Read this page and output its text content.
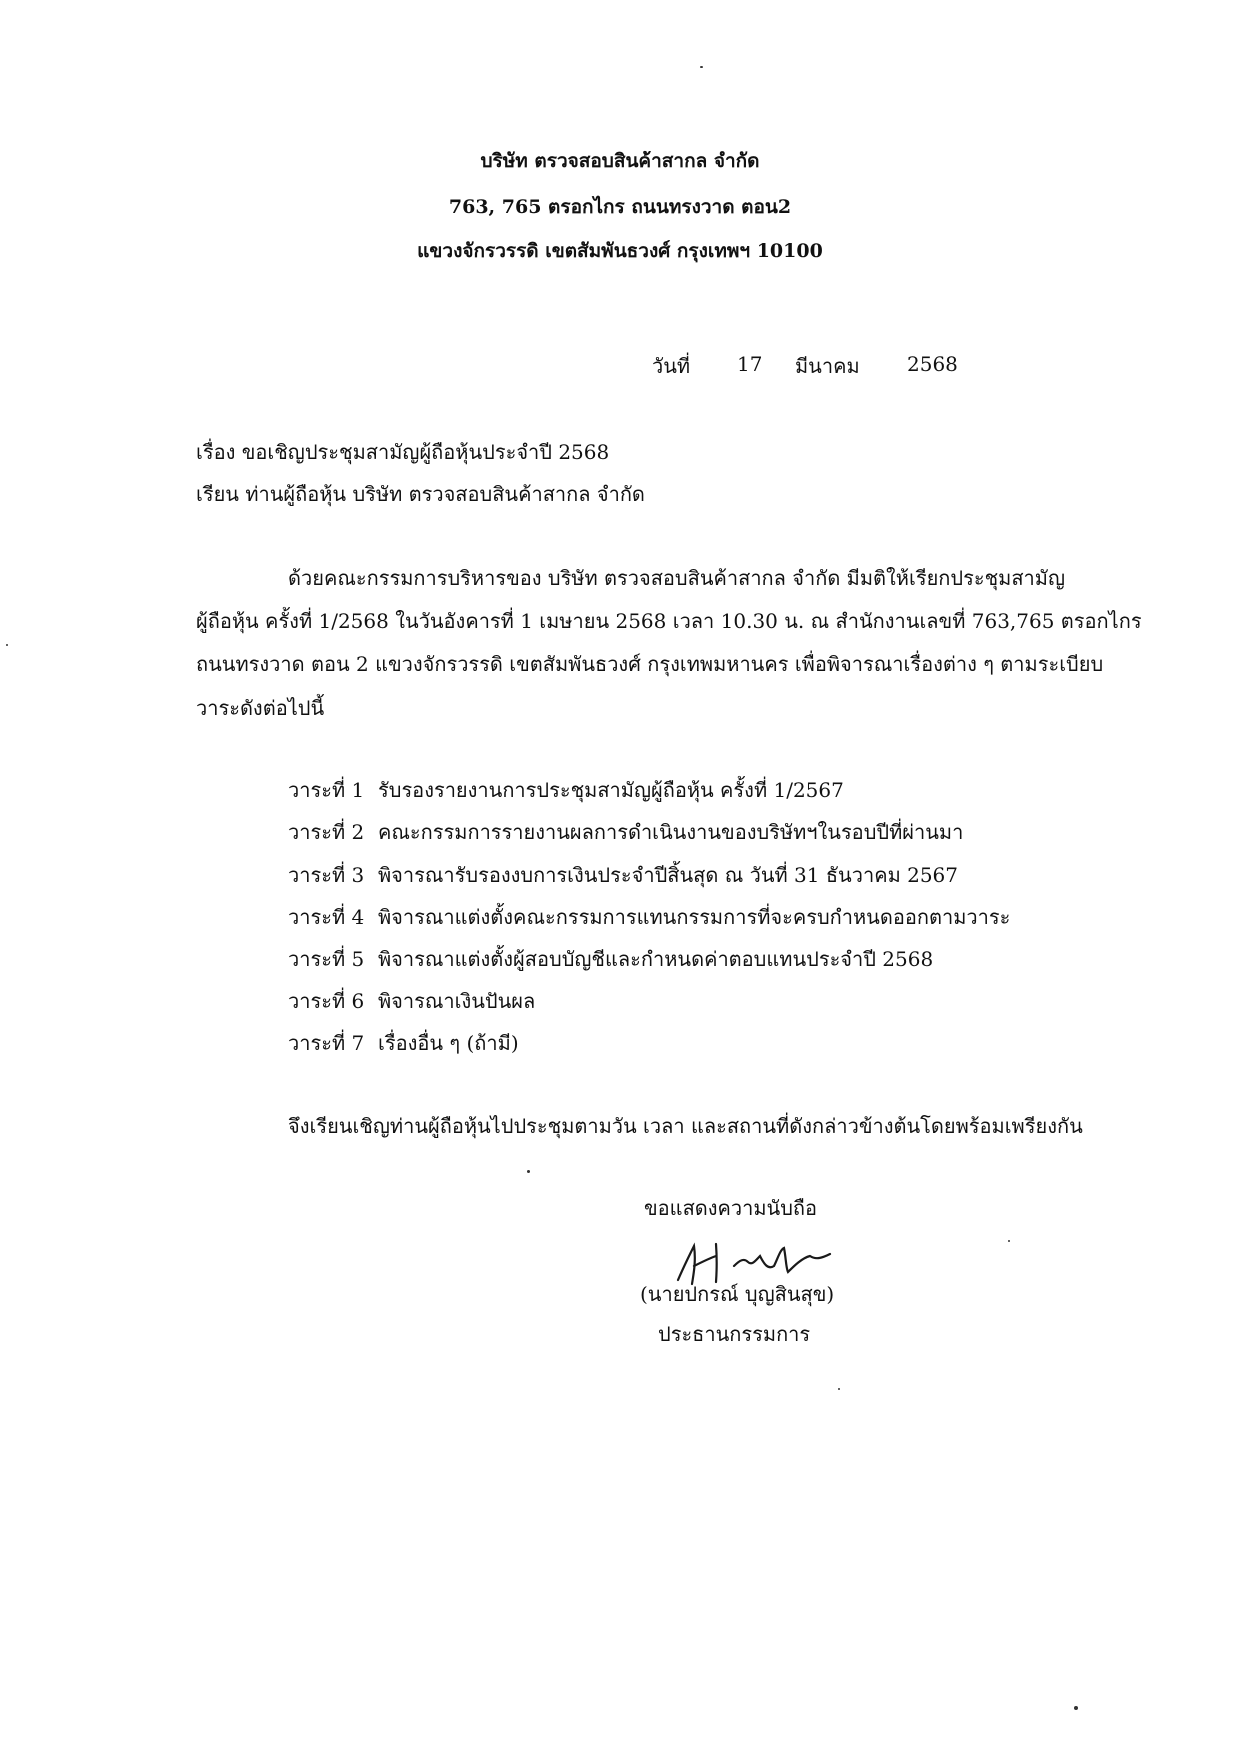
บริษัท ตรวจสอบสินค้าสากล จำกัด
763, 765 ตรอกไกร ถนนทรงวาด ตอน2
แขวงจักรวรรดิ เขตสัมพันธวงศ์ กรุงเทพฯ 10100
วันที่ 17 มีนาคม 2568
เรื่อง ขอเชิญประชุมสามัญผู้ถือหุ้นประจำปี 2568
เรียน ท่านผู้ถือหุ้น บริษัท ตรวจสอบสินค้าสากล จำกัด
ด้วยคณะกรรมการบริหารของ บริษัท ตรวจสอบสินค้าสากล จำกัด มีมติให้เรียกประชุมสามัญ
ผู้ถือหุ้น ครั้งที่ 1/2568 ในวันอังคารที่ 1 เมษายน 2568 เวลา 10.30 น. ณ สำนักงานเลขที่ 763,765 ตรอกไกร
ถนนทรงวาด ตอน 2 แขวงจักรวรรดิ เขตสัมพันธวงศ์ กรุงเทพมหานคร เพื่อพิจารณาเรื่องต่าง ๆ ตามระเบียบ
วาระดังต่อไปนี้
วาระที่ 1 รับรองรายงานการประชุมสามัญผู้ถือหุ้น ครั้งที่ 1/2567
วาระที่ 2 คณะกรรมการรายงานผลการดำเนินงานของบริษัทฯในรอบปีที่ผ่านมา
วาระที่ 3 พิจารณารับรองงบการเงินประจำปีสิ้นสุด ณ วันที่ 31 ธันวาคม 2567
วาระที่ 4 พิจารณาแต่งตั้งคณะกรรมการแทนกรรมการที่จะครบกำหนดออกตามวาระ
วาระที่ 5 พิจารณาแต่งตั้งผู้สอบบัญชีและกำหนดค่าตอบแทนประจำปี 2568
วาระที่ 6 พิจารณาเงินปันผล
วาระที่ 7 เรื่องอื่น ๆ (ถ้ามี)
จึงเรียนเชิญท่านผู้ถือหุ้นไปประชุมตามวัน เวลา และสถานที่ดังกล่าวข้างต้นโดยพร้อมเพรียงกัน
ขอแสดงความนับถือ
(นายปกรณ์ บุญสินสุข)
ประธานกรรมการ
